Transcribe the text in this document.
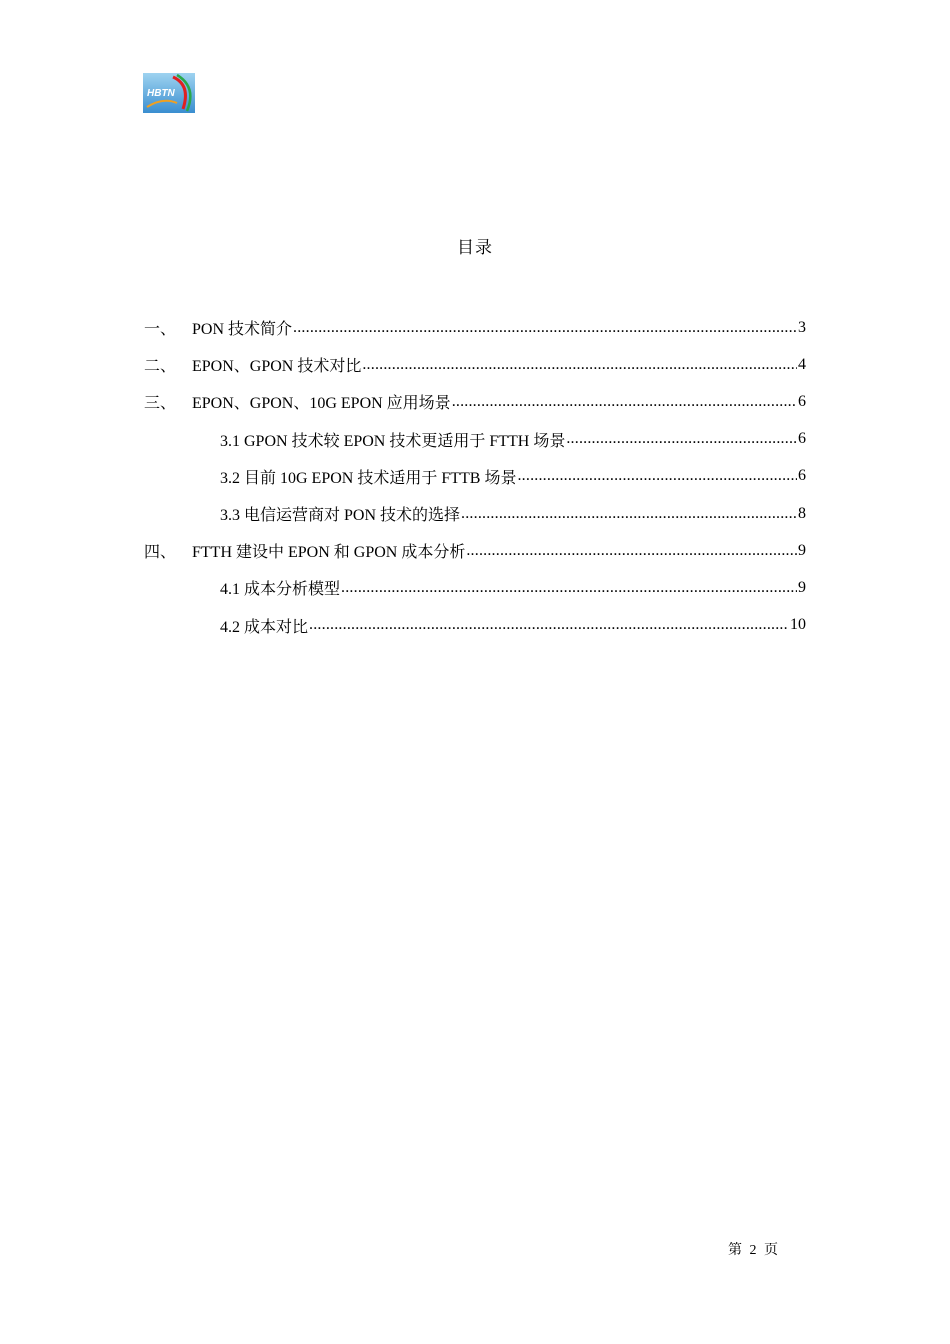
HBTN
目录
一、 PON 技术简介 .....	3
二、 EPON、GPON 技术对比 .....	4
三、 EPON、GPON、10G EPON 应用场景 .....	6
3.1 GPON 技术较 EPON 技术更适用于 FTTH 场景 .....	6
3.2 目前 10G EPON 技术适用于 FTTB 场景 .....	6
3.3 电信运营商对 PON 技术的选择 .....	8
四、 FTTH 建设中 EPON 和 GPON 成本分析 .....	9
4.1 成本分析模型 .....	9
4.2 成本对比 .....	10
第 2 页
